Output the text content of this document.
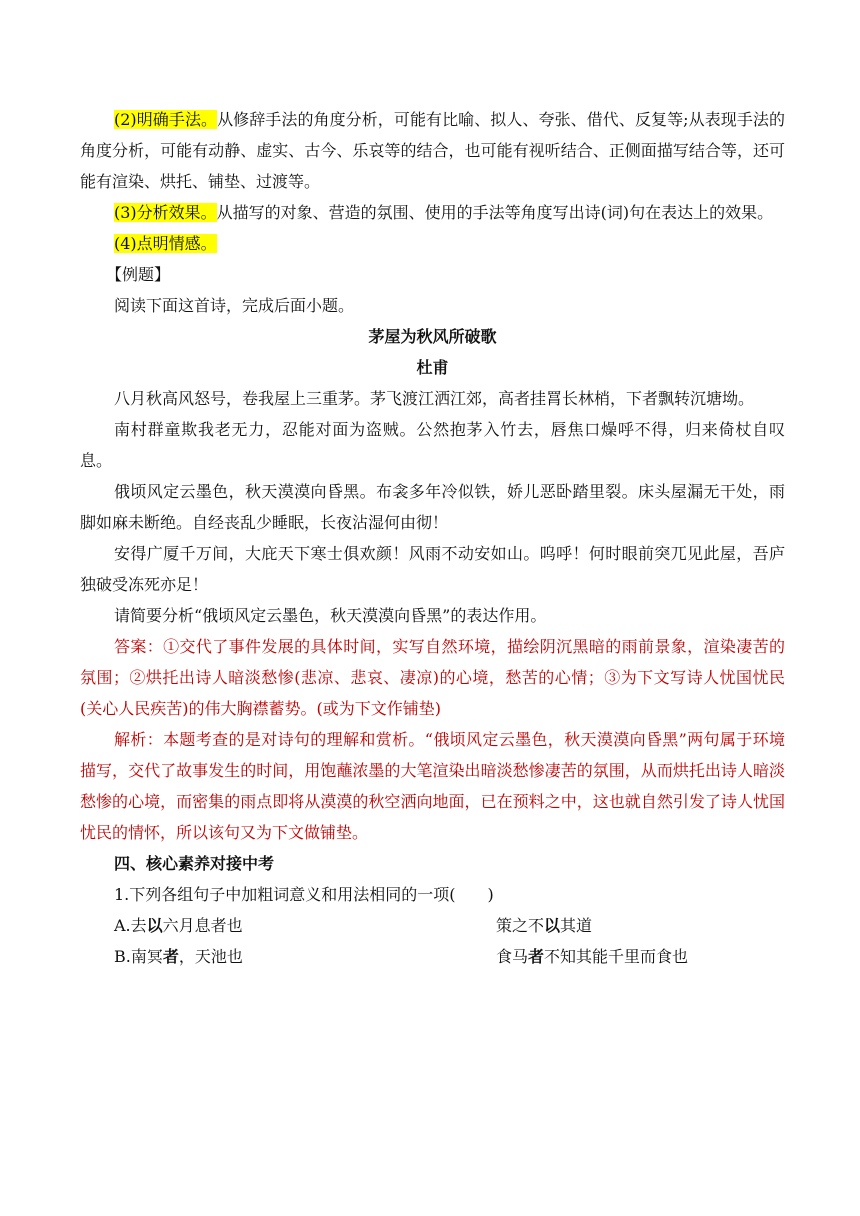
(2)明确手法。从修辞手法的角度分析，可能有比喻、拟人、夸张、借代、反复等;从表现手法的角度分析，可能有动静、虚实、古今、乐哀等的结合，也可能有视听结合、正侧面描写结合等，还可能有渲染、烘托、铺垫、过渡等。

(3)分析效果。从描写的对象、营造的氛围、使用的手法等角度写出诗(词)句在表达上的效果。

(4)点明情感。

【例题】

阅读下面这首诗，完成后面小题。

茅屋为秋风所破歌

杜甫

八月秋高风怒号，卷我屋上三重茅。茅飞渡江洒江郊，高者挂罥长林梢，下者飘转沉塘坳。

南村群童欺我老无力，忍能对面为盗贼。公然抱茅入竹去，唇焦口燥呼不得，归来倚杖自叹息。

俄顷风定云墨色，秋天漠漠向昏黑。布衾多年冷似铁，娇儿恶卧踏里裂。床头屋漏无干处，雨脚如麻未断绝。自经丧乱少睡眠，长夜沾湿何由彻！

安得广厦千万间，大庇天下寒士俱欢颜！风雨不动安如山。呜呼！何时眼前突兀见此屋，吾庐独破受冻死亦足！

请简要分析“俄顷风定云墨色，秋天漠漠向昏黑”的表达作用。

答案：①交代了事件发展的具体时间，实写自然环境，描绘阴沉黑暗的雨前景象，渲染凄苦的氛围；②烘托出诗人暗淡愁惨(悲凉、悲哀、凄凉)的心境，愁苦的心情；③为下文写诗人忧国忧民(关心人民疾苦)的伟大胸襟蓄势。(或为下文作铺垫)

解析：本题考查的是对诗句的理解和赏析。“俄顷风定云墨色，秋天漠漠向昏黑”两句属于环境描写，交代了故事发生的时间，用饱蘸浓墨的大笔渲染出暗淡愁惨凄苦的氛围，从而烘托出诗人暗淡愁惨的心境，而密集的雨点即将从漠漠的秋空洒向地面，已在预料之中，这也就自然引发了诗人忧国忧民的情怀，所以该句又为下文做铺垫。

四、核心素养对接中考

1.下列各组句子中加粗词意义和用法相同的一项(　　)

A.去以六月息者也	策之不以其道
B.南冥者，天池也	食马者不知其能千里而食也
